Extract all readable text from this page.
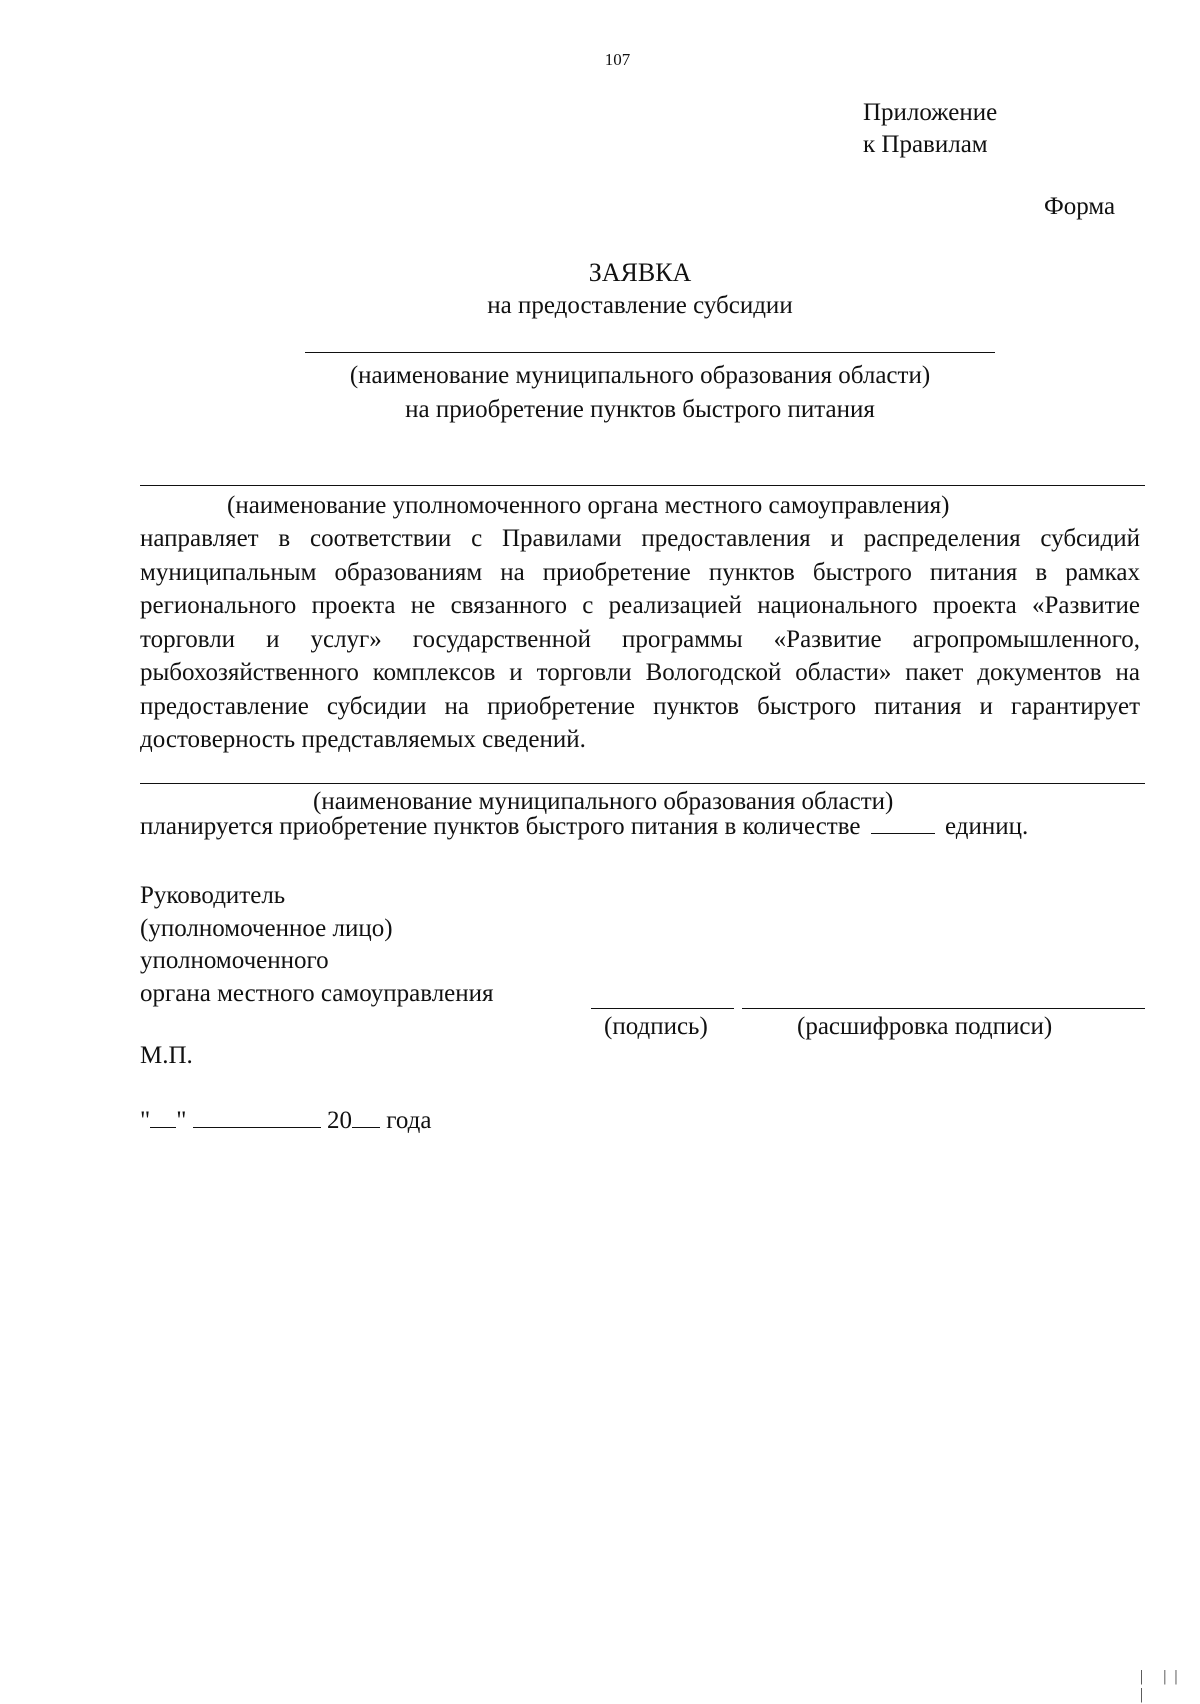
107
Приложение
к Правилам
Форма
ЗАЯВКА
на предоставление субсидии
(наименование муниципального образования области)
на приобретение пунктов быстрого питания
(наименование уполномоченного органа местного самоуправления)

направляет в соответствии с Правилами предоставления и распределения субсидий муниципальным образованиям на приобретение пунктов быстрого питания в рамках регионального проекта не связанного с реализацией национального проекта «Развитие торговли и услуг» государственной программы «Развитие агропромышленного, рыбохозяйственного комплексов и торговли Вологодской области» пакет документов на предоставление субсидии на приобретение пунктов быстрого питания и гарантирует достоверность представляемых сведений.

(наименование муниципального образования области)
планируется приобретение пунктов быстрого питания в количестве	единиц.
Руководитель
(уполномоченное лицо)
уполномоченного
органа местного самоуправления
(подпись)	(расшифровка подписи)
М.П.
" "	20 года
| || |
